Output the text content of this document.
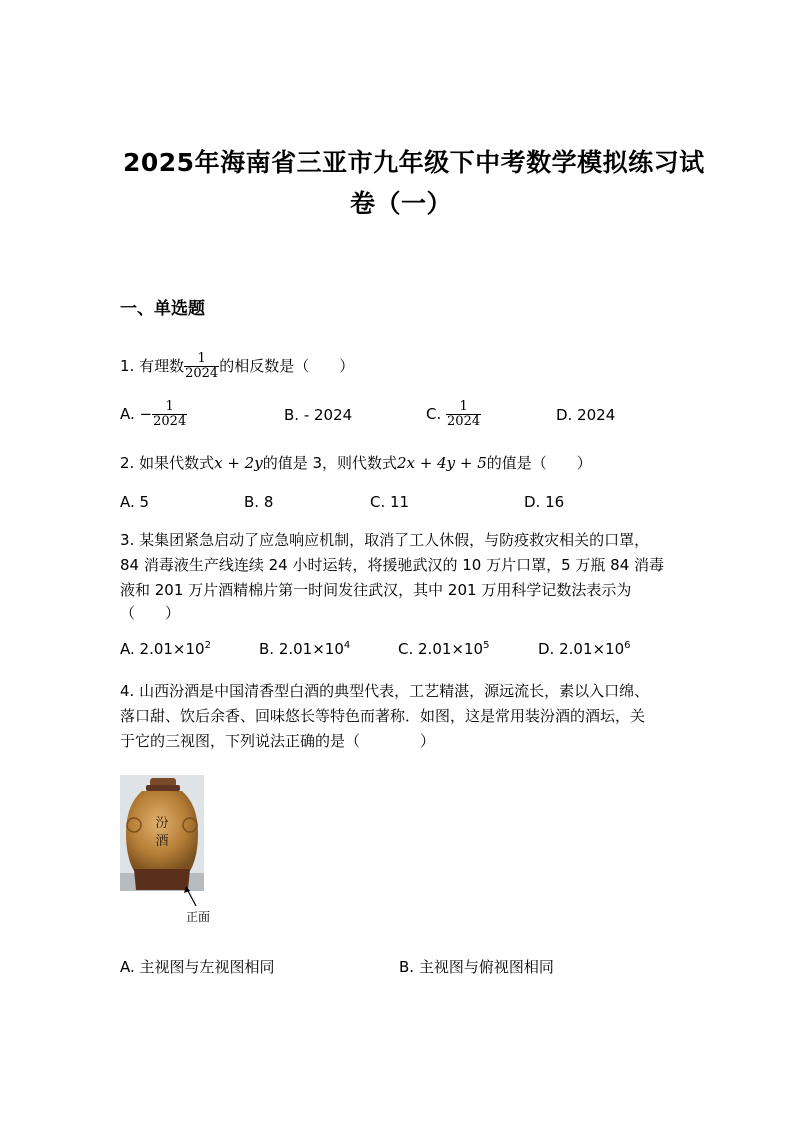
2025年海南省三亚市九年级下中考数学模拟练习试
卷（一）
一、单选题
1. 有理数 $\frac{1}{2024}$ 的相反数是（　　）
A. − $\frac{1}{2024}$	B. - 2024	C. $\frac{1}{2024}$	D. 2024
2. 如果代数式x + 2y的值是 3，则代数式2x + 4y + 5的值是（　　）
A. 5	B. 8	C. 11	D. 16
3. 某集团紧急启动了应急响应机制，取消了工人休假，与防疫救灾相关的口罩，
84 消毒液生产线连续 24 小时运转，将援驰武汉的 10 万片口罩，5 万瓶 84 消毒
液和 201 万片酒精棉片第一时间发往武汉，其中 201 万用科学记数法表示为
（　　）
A. $2.01\times 10^2$	B. $2.01\times 10^4$	C. $2.01\times 10^5$	D. $2.01\times 10^6$
4. 山西汾酒是中国清香型白酒的典型代表，工艺精湛，源远流长，素以入口绵、
落口甜、饮后余香、回味悠长等特色而著称．如图，这是常用装汾酒的酒坛，关
于它的三视图，下列说法正确的是（　　　　）
汾
酒
正面
A. 主视图与左视图相同	B. 主视图与俯视图相同
